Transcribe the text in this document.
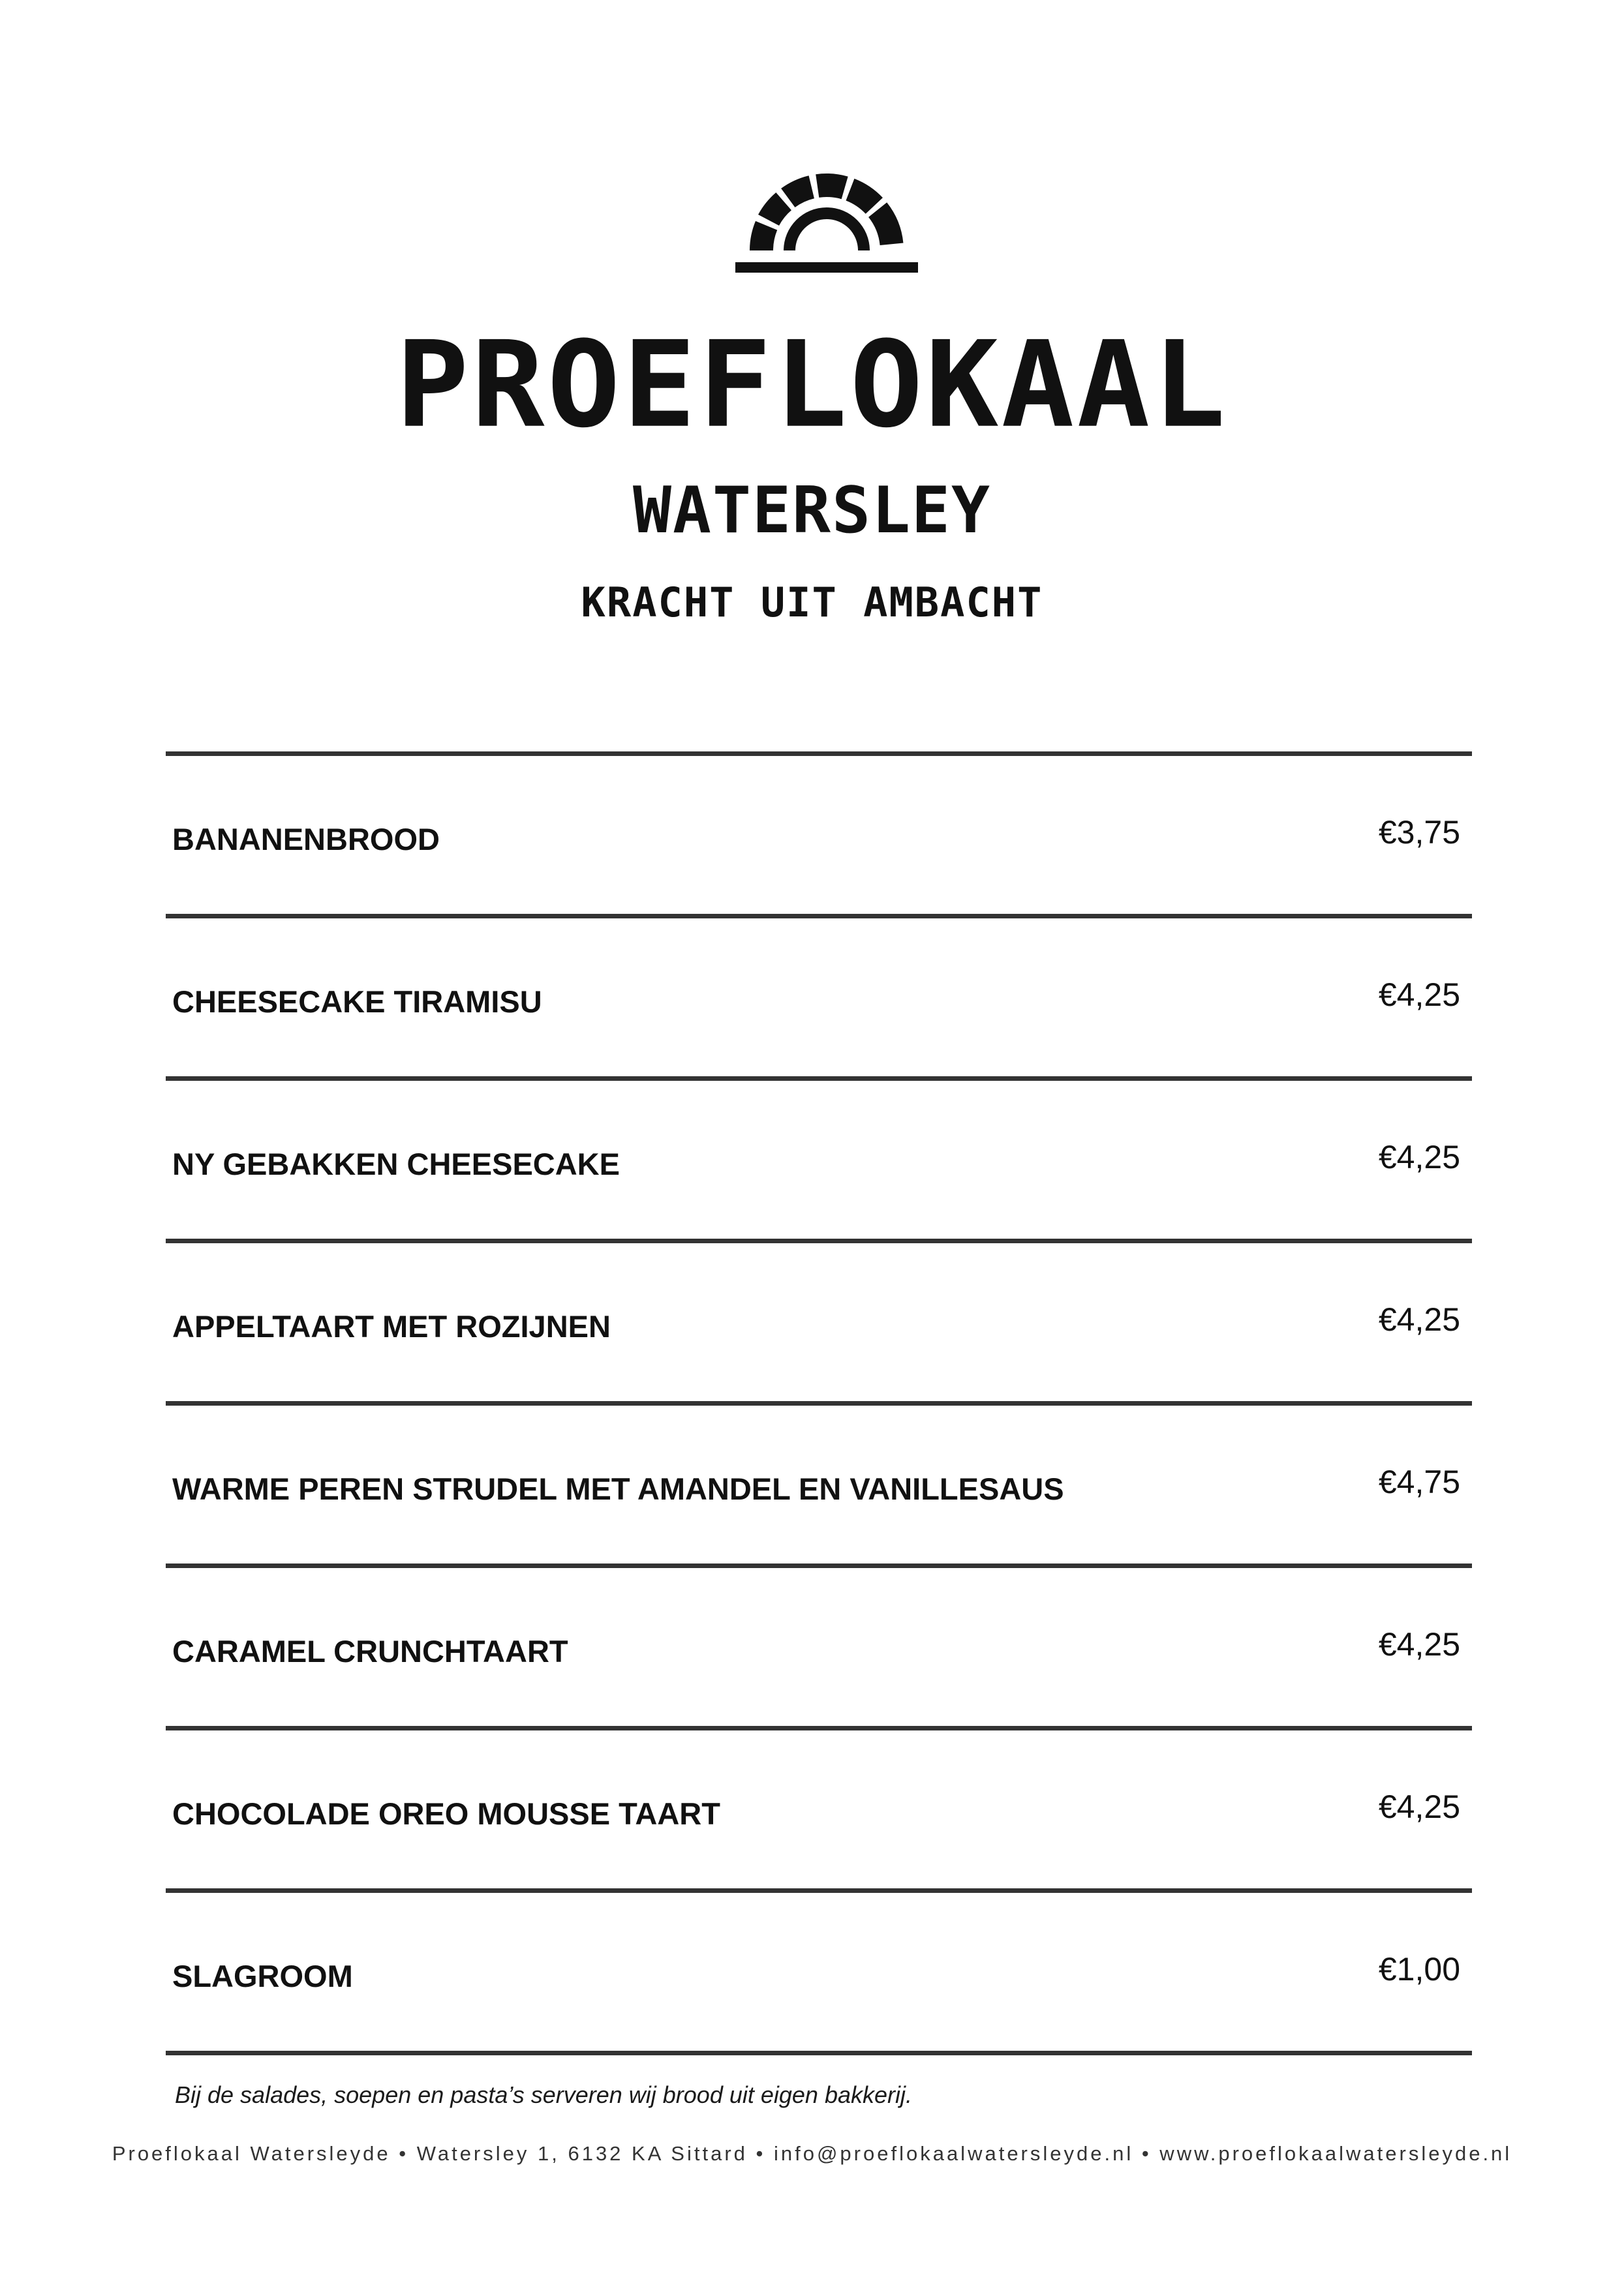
PROEFLOKAAL
WATERSLEY
KRACHT UIT AMBACHT
BANANENBROOD	€3,75
CHEESECAKE TIRAMISU	€4,25
NY GEBAKKEN CHEESECAKE	€4,25
APPELTAART MET ROZIJNEN	€4,25
WARME PEREN STRUDEL MET AMANDEL EN VANILLESAUS	€4,75
CARAMEL CRUNCHTAART	€4,25
CHOCOLADE OREO MOUSSE TAART	€4,25
SLAGROOM	€1,00
Bij de salades, soepen en pasta’s serveren wij brood uit eigen bakkerij.
Proeflokaal Watersleyde • Watersley 1, 6132 KA Sittard • info@proeflokaalwatersleyde.nl • www.proeflokaalwatersleyde.nl
